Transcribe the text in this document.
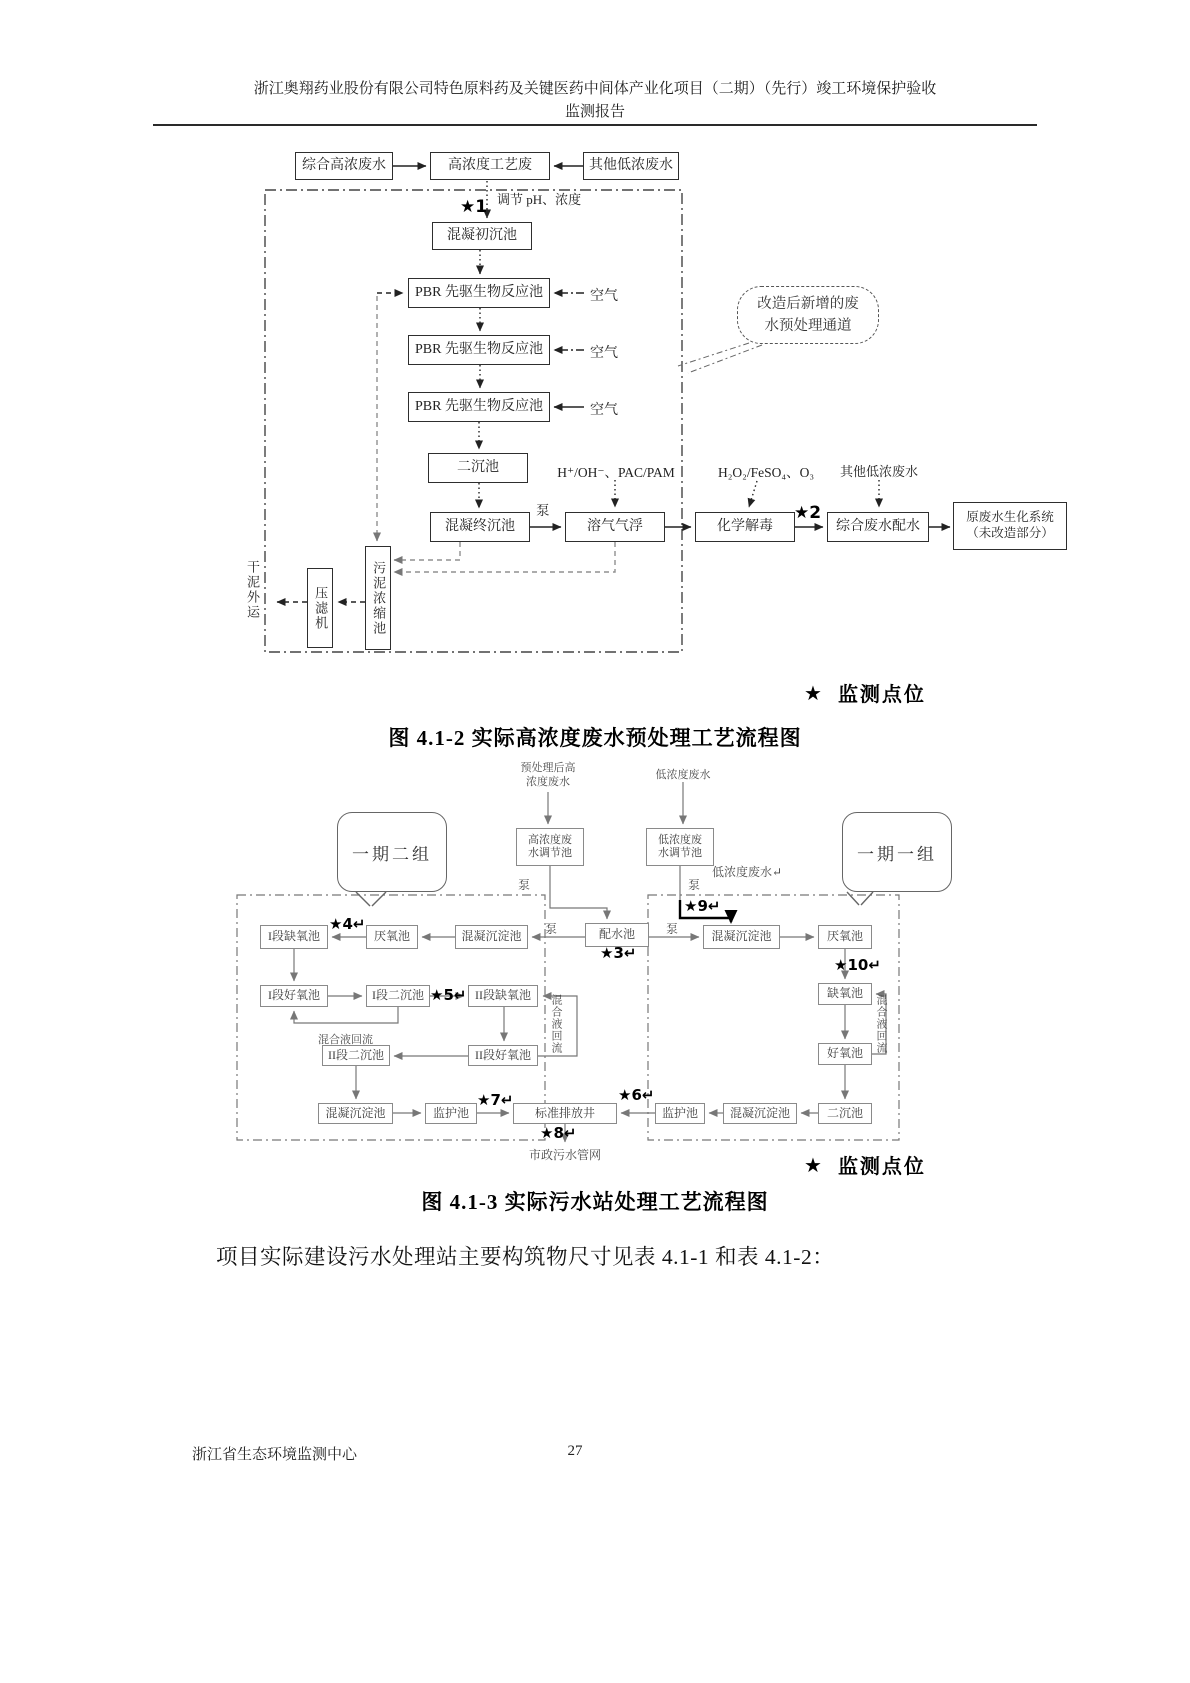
浙江奥翔药业股份有限公司特色原料药及关键医药中间体产业化项目（二期）（先行）竣工环境保护验收
监测报告
综合高浓废水	高浓度工艺废	其他低浓废水
调节 pH、浓度
★1
混凝初沉池
PBR 先驱生物反应池
PBR 先驱生物反应池
PBR 先驱生物反应池
空气
空气
空气
二沉池	H⁺/OH⁻、PAC/PAM	H₂O₂/FeSO₄、O₃	其他低浓废水
泵
混凝终沉池	溶气气浮	化学解毒
★2
综合废水配水
原废水生化系统
（未改造部分）
污泥浓缩池
压滤机
干泥外运
改造后新增的废
水预处理通道
★ 监测点位
图 4.1-2 实际高浓度废水预处理工艺流程图
预处理后高
浓度废水
低浓度废水
一期二组	一期一组
高浓度废
水调节池
低浓度废
水调节池
低浓度废水↵
泵	泵
★9↵
配水池
★3↵
泵	泵
混凝沉淀池
厌氧池
★4↵
I段缺氧池
I段好氧池	I段二沉池 ★5↵ II段缺氧池	混合液回流
混合液回流
II段二沉池	II段好氧池
混凝沉淀池	监护池
★7↵
标准排放井
★6↵
监护池	混凝沉淀池	二沉池
混凝沉淀池	厌氧池
★10↵
缺氧池
好氧池	混合液回流
★8↵
市政污水管网	★ 监测点位
图 4.1-3 实际污水站处理工艺流程图
项目实际建设污水处理站主要构筑物尺寸见表 4.1-1 和表 4.1-2：
浙江省生态环境监测中心	27
